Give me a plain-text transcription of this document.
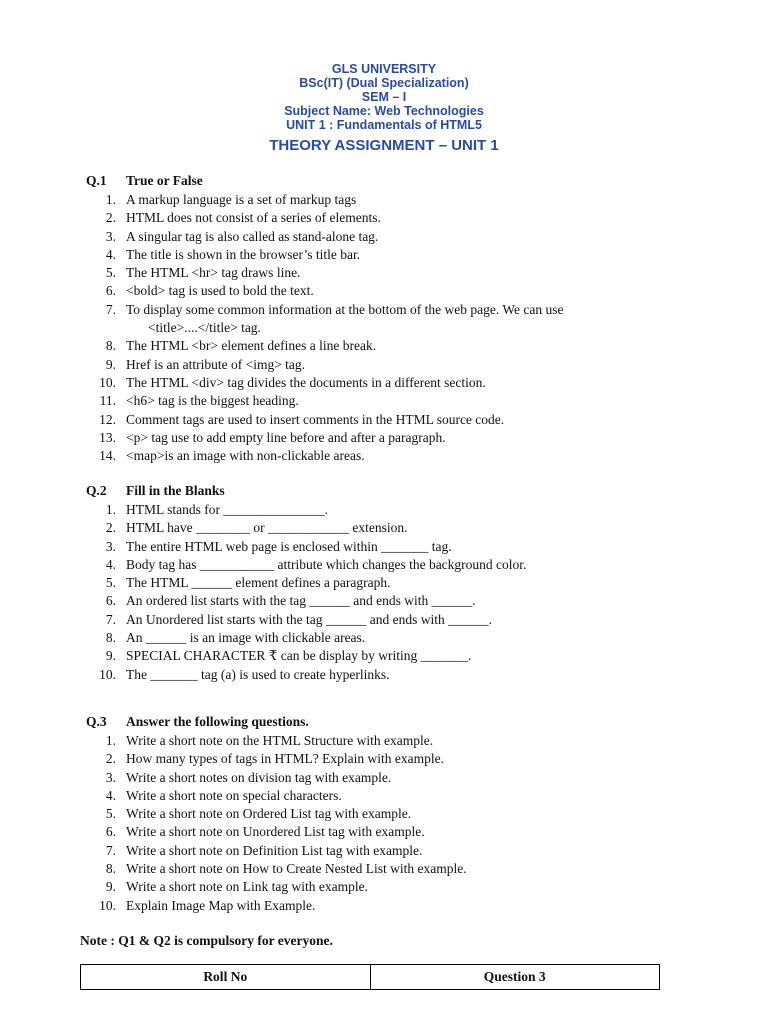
GLS UNIVERSITY
BSc(IT) (Dual Specialization)
SEM – I
Subject Name: Web Technologies
UNIT 1 : Fundamentals of HTML5
THEORY ASSIGNMENT – UNIT 1
Q.1 True or False
1. A markup language is a set of markup tags
2. HTML does not consist of a series of elements.
3. A singular tag is also called as stand-alone tag.
4. The title is shown in the browser’s title bar.
5. The HTML <hr> tag draws line.
6. <bold> tag is used to bold the text.
7. To display some common information at the bottom of the web page. We can use
<title>....</title> tag.
8. The HTML <br> element defines a line break.
9. Href is an attribute of <img> tag.
10. The HTML <div> tag divides the documents in a different section.
11. <h6> tag is the biggest heading.
12. Comment tags are used to insert comments in the HTML source code.
13. <p> tag use to add empty line before and after a paragraph.
14. <map>is an image with non-clickable areas.
Q.2 Fill in the Blanks
1. HTML stands for _______________.
2. HTML have ________ or ____________ extension.
3. The entire HTML web page is enclosed within _______ tag.
4. Body tag has ___________ attribute which changes the background color.
5. The HTML ______ element defines a paragraph.
6. An ordered list starts with the tag ______ and ends with ______.
7. An Unordered list starts with the tag ______ and ends with ______.
8. An ______ is an image with clickable areas.
9. SPECIAL CHARACTER ₹ can be display by writing _______.
10. The _______ tag (a) is used to create hyperlinks.
Q.3 Answer the following questions.
1. Write a short note on the HTML Structure with example.
2. How many types of tags in HTML? Explain with example.
3. Write a short notes on division tag with example.
4. Write a short note on special characters.
5. Write a short note on Ordered List tag with example.
6. Write a short note on Unordered List tag with example.
7. Write a short note on Definition List tag with example.
8. Write a short note on How to Create Nested List with example.
9. Write a short note on Link tag with example.
10. Explain Image Map with Example.
Note : Q1 & Q2 is compulsory for everyone.
Roll No	Question 3
